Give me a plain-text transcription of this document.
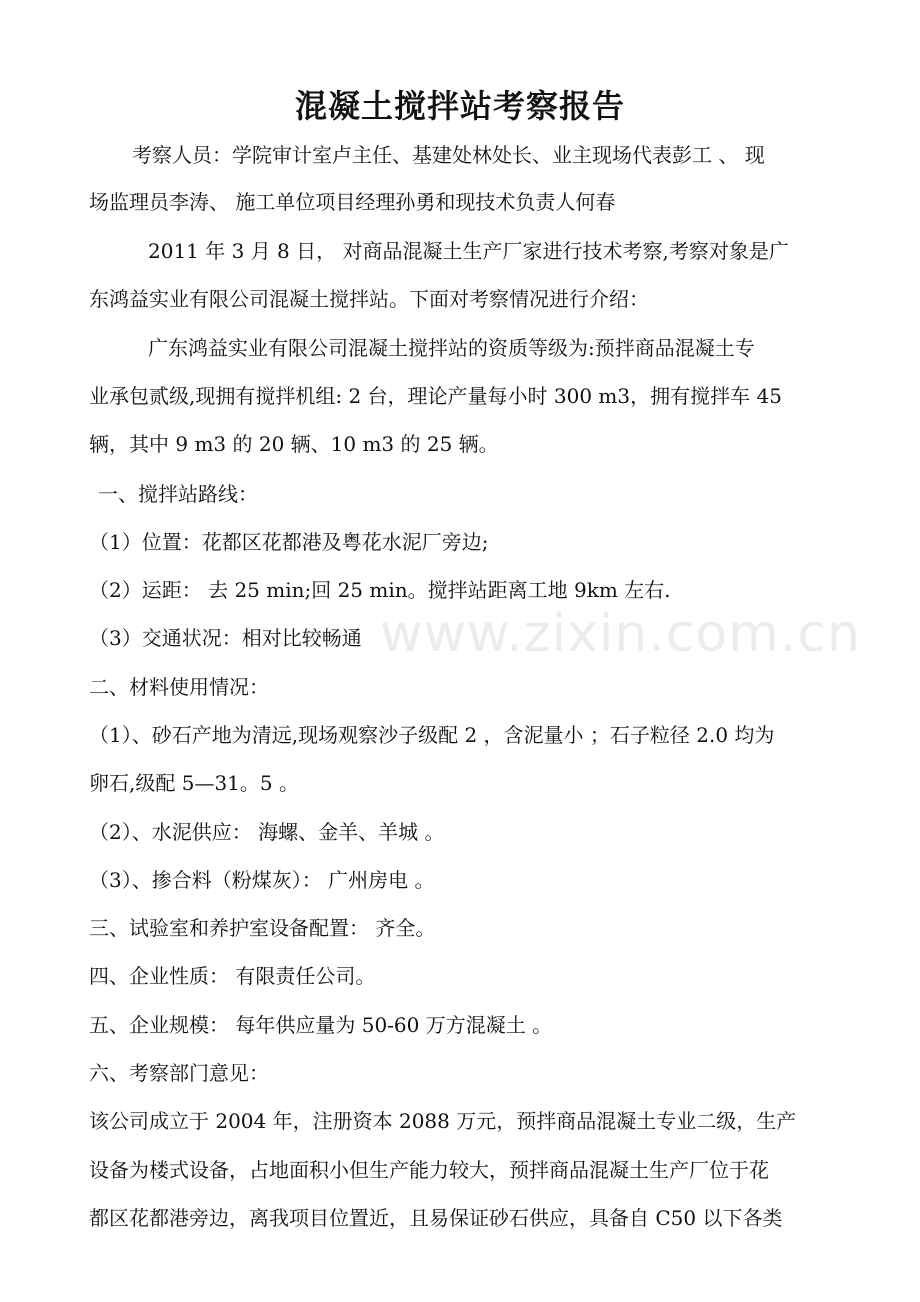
混凝土搅拌站考察报告
考察人员：学院审计室卢主任、基建处林处长、业主现场代表彭工 、 现
场监理员李涛、 施工单位项目经理孙勇和现技术负责人何春
2011 年 3 月 8 日， 对商品混凝土生产厂家进行技术考察,考察对象是广
东鸿益实业有限公司混凝土搅拌站。下面对考察情况进行介绍：
广东鸿益实业有限公司混凝土搅拌站的资质等级为:预拌商品混凝土专
业承包贰级,现拥有搅拌机组: 2 台，理论产量每小时 300 m3，拥有搅拌车 45
辆，其中 9 m3 的 20 辆、10 m3 的 25 辆。
一、搅拌站路线：
（1）位置：花都区花都港及粤花水泥厂旁边;
（2）运距： 去 25 min;回 25 min。搅拌站距离工地 9km 左右.
（3）交通状况：相对比较畅通
二、材料使用情况：
（1）、砂石产地为清远,现场观察沙子级配 2 ，含泥量小 ；石子粒径 2.0 均为
卵石,级配 5—31。5 。
（2）、水泥供应： 海螺、金羊、羊城 。
（3）、掺合料（粉煤灰）： 广州房电 。
三、试验室和养护室设备配置： 齐全。
四、企业性质： 有限责任公司。
五、企业规模： 每年供应量为 50-60 万方混凝土 。
六、考察部门意见：
该公司成立于 2004 年，注册资本 2088 万元，预拌商品混凝土专业二级，生产
设备为楼式设备，占地面积小但生产能力较大，预拌商品混凝土生产厂位于花
都区花都港旁边，离我项目位置近，且易保证砂石供应，具备自 C50 以下各类
www.zixin.com.cn
